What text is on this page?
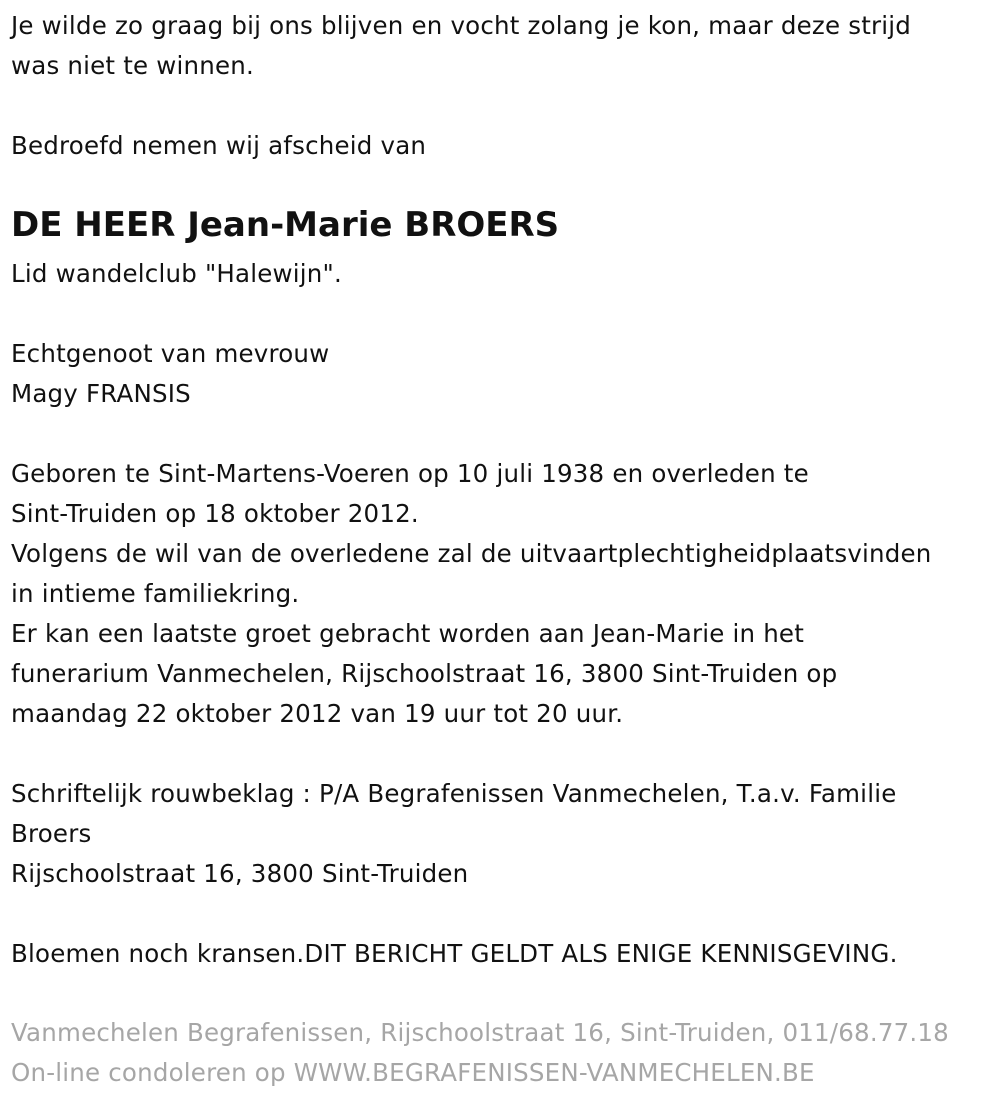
Je wilde zo graag bij ons blijven en vocht zolang je kon, maar deze strijd

was niet te winnen.

Bedroefd nemen wij afscheid van

DE HEER Jean-Marie BROERS

Lid wandelclub "Halewijn".

Echtgenoot van mevrouw

Magy FRANSIS

Geboren te Sint-Martens-Voeren op 10 juli 1938 en overleden te

Sint-Truiden op 18 oktober 2012.

Volgens de wil van de overledene zal de uitvaartplechtigheidplaatsvinden

in intieme familiekring.

Er kan een laatste groet gebracht worden aan Jean-Marie in het

funerarium Vanmechelen, Rijschoolstraat 16, 3800 Sint-Truiden op

maandag 22 oktober 2012 van 19 uur tot 20 uur.

Schriftelijk rouwbeklag : P/A Begrafenissen Vanmechelen, T.a.v. Familie

Broers

Rijschoolstraat 16, 3800 Sint-Truiden

Bloemen noch kransen.DIT BERICHT GELDT ALS ENIGE KENNISGEVING.

Vanmechelen Begrafenissen, Rijschoolstraat 16, Sint-Truiden, 011/68.77.18

On-line condoleren op WWW.BEGRAFENISSEN-VANMECHELEN.BE
